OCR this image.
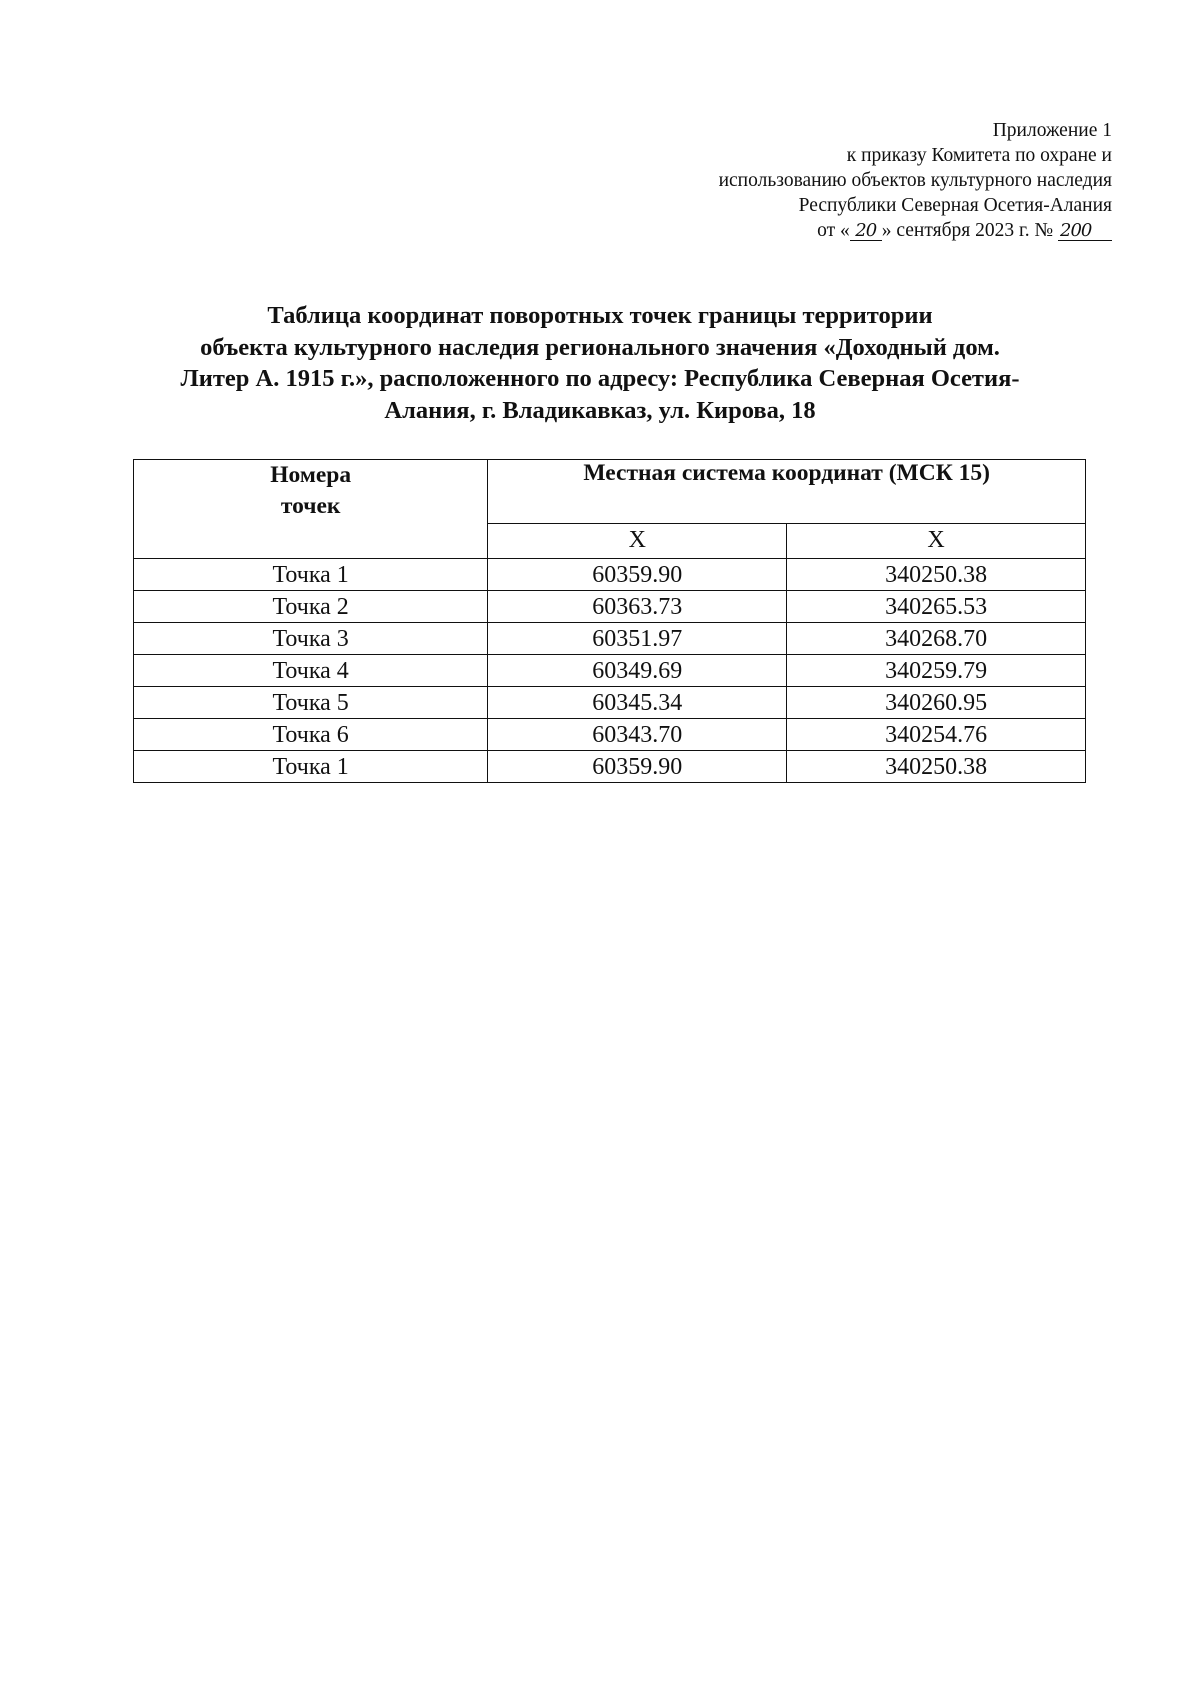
Приложение 1
к приказу Комитета по охране и
использованию объектов культурного наследия
Республики Северная Осетия-Алания
от « 20 » сентября 2023 г. № 200
Таблица координат поворотных точек границы территории
объекта культурного наследия регионального значения «Доходный дом.
Литер А. 1915 г.», расположенного по адресу: Республика Северная Осетия-
Алания, г. Владикавказ, ул. Кирова, 18
Номера
точек	Местная система координат (МСК 15)	
	X	X
Точка 1	60359.90	340250.38
Точка 2	60363.73	340265.53
Точка 3	60351.97	340268.70
Точка 4	60349.69	340259.79
Точка 5	60345.34	340260.95
Точка 6	60343.70	340254.76
Точка 1	60359.90	340250.38
